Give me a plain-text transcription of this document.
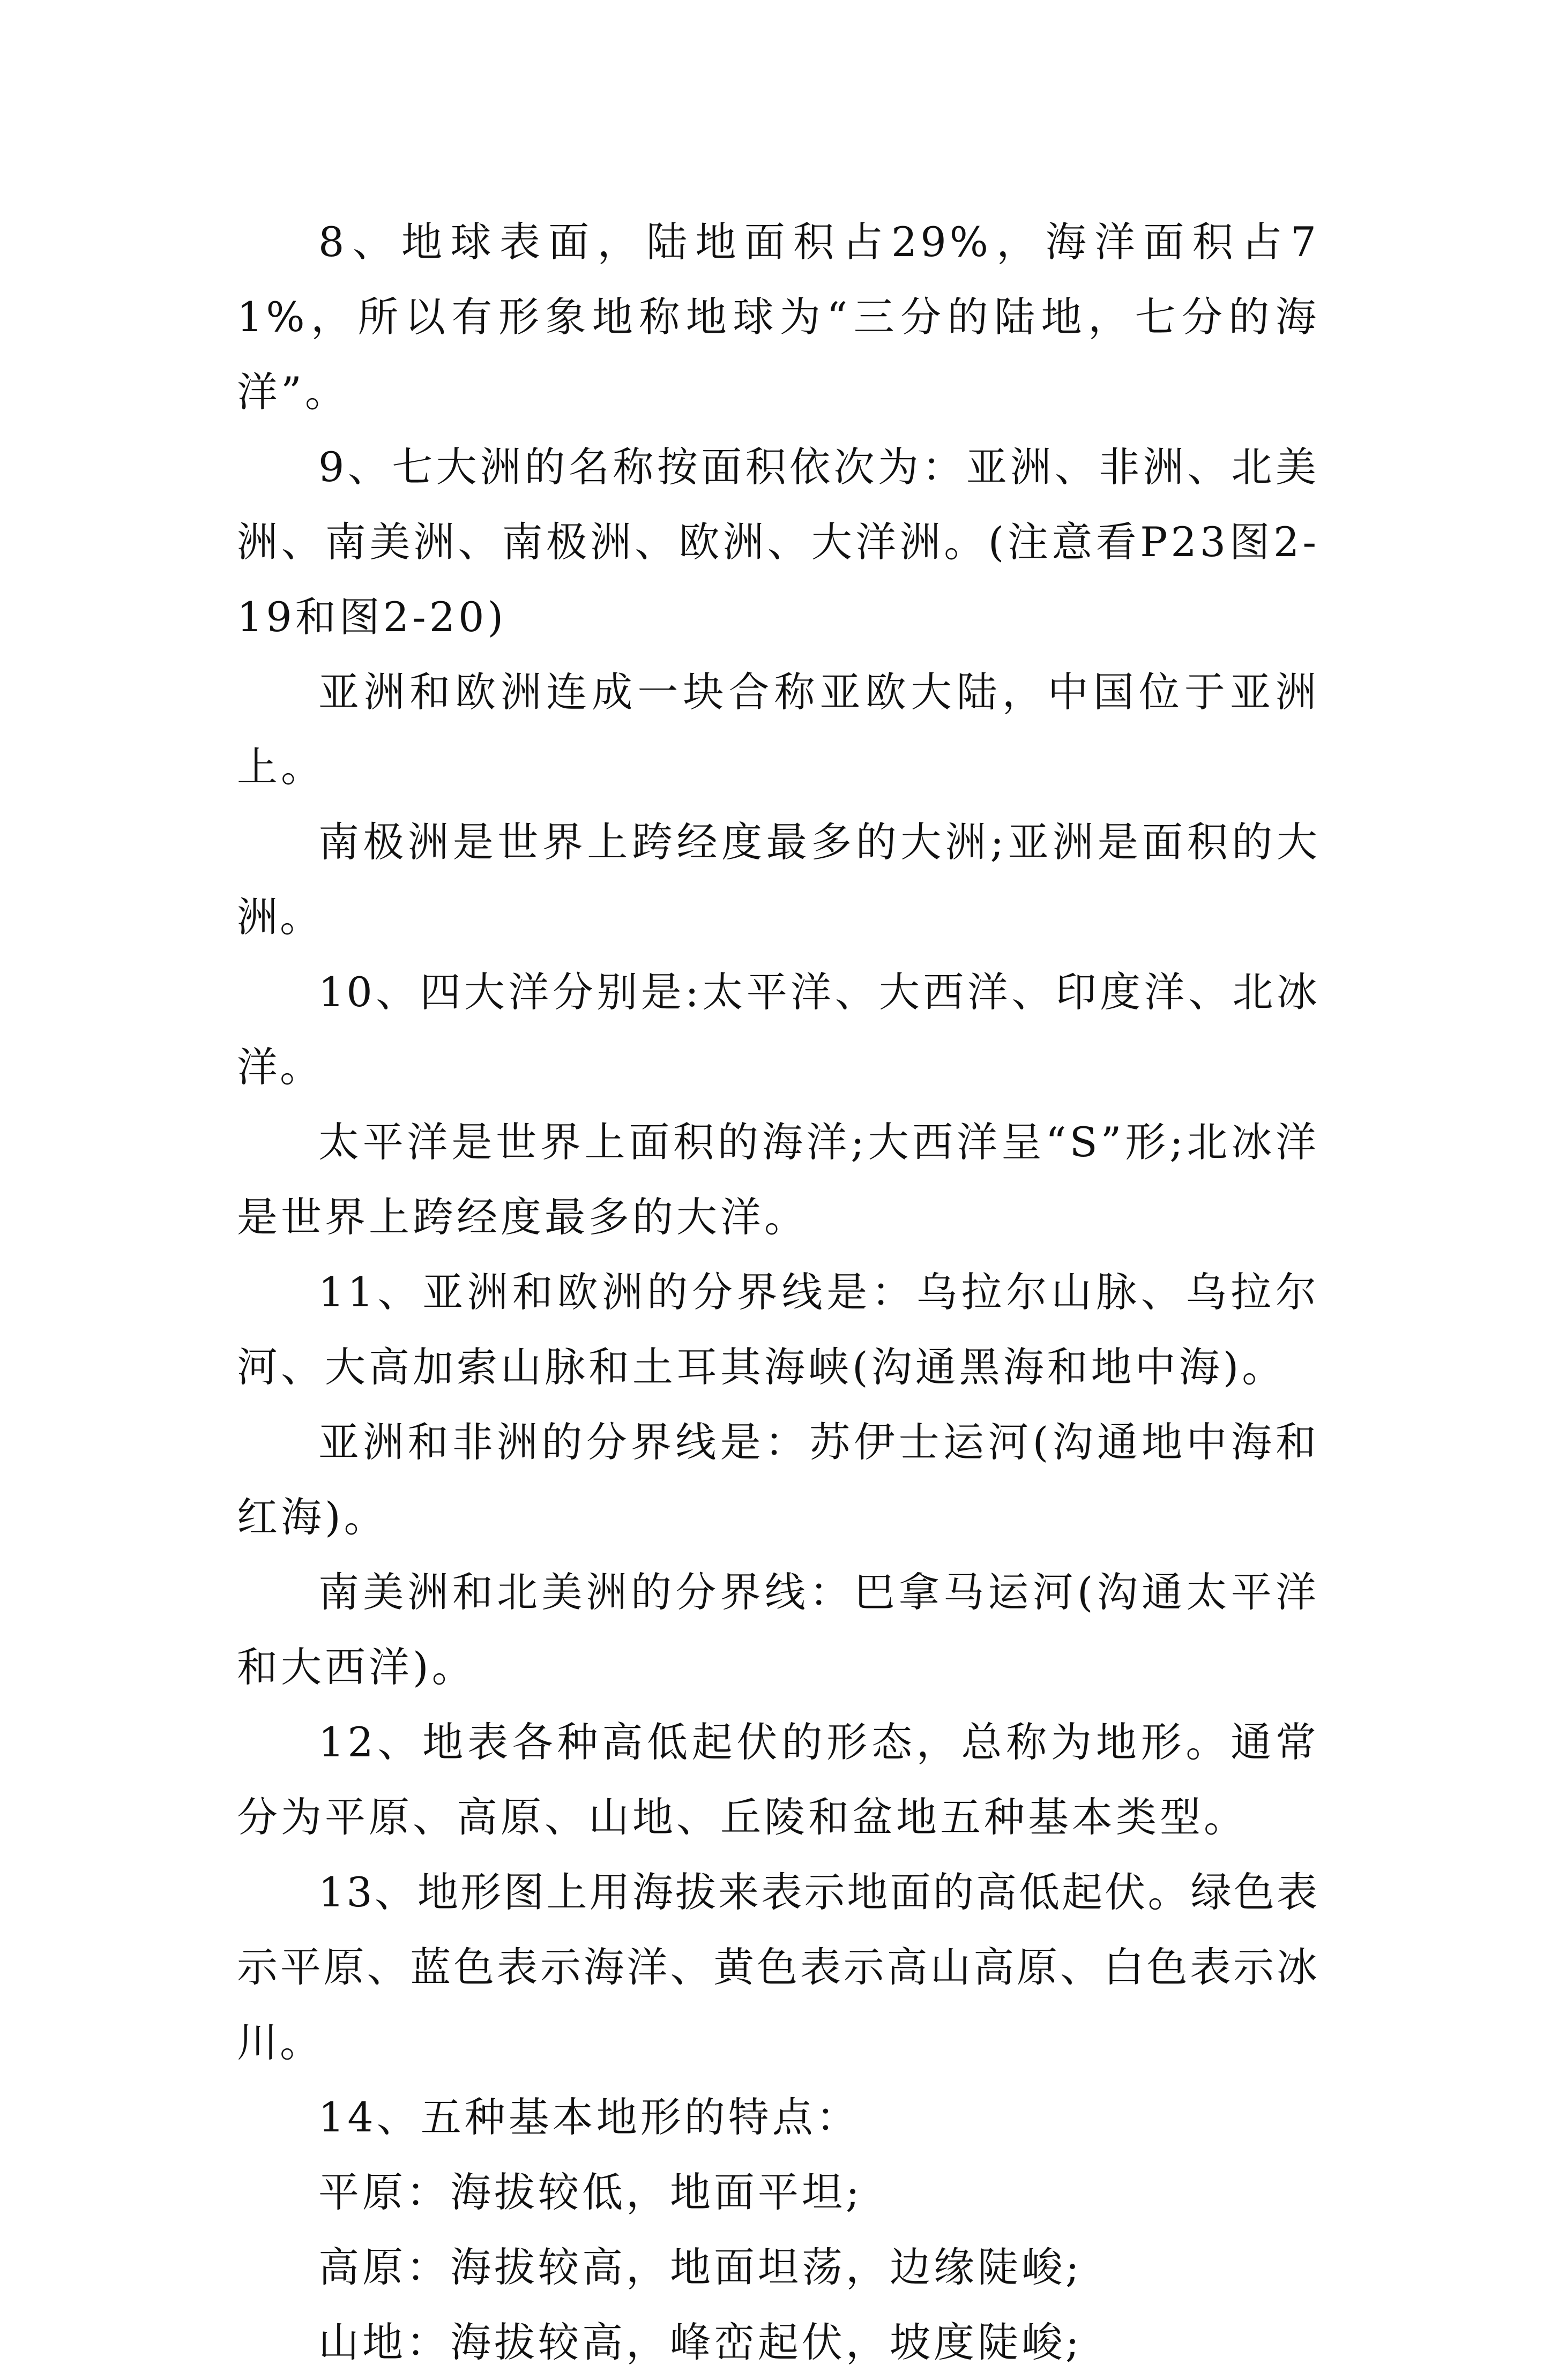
8、地球表面，陆地面积占29%，海洋面积占71%，所以有形象地称地球为“三分的陆地，七分的海洋”。

9、七大洲的名称按面积依次为：亚洲、非洲、北美洲、南美洲、南极洲、欧洲、大洋洲。(注意看P23图2-19和图2-20)

亚洲和欧洲连成一块合称亚欧大陆，中国位于亚洲上。

南极洲是世界上跨经度最多的大洲;亚洲是面积的大洲。

10、四大洋分别是:太平洋、大西洋、印度洋、北冰洋。

太平洋是世界上面积的海洋;大西洋呈“S”形;北冰洋是世界上跨经度最多的大洋。

11、亚洲和欧洲的分界线是：乌拉尔山脉、乌拉尔河、大高加索山脉和土耳其海峡(沟通黑海和地中海)。

亚洲和非洲的分界线是：苏伊士运河(沟通地中海和红海)。

南美洲和北美洲的分界线：巴拿马运河(沟通太平洋和大西洋)。

12、地表各种高低起伏的形态，总称为地形。通常分为平原、高原、山地、丘陵和盆地五种基本类型。

13、地形图上用海拔来表示地面的高低起伏。绿色表示平原、蓝色表示海洋、黄色表示高山高原、白色表示冰川。

14、五种基本地形的特点：

平原：海拔较低，地面平坦;

高原：海拔较高，地面坦荡，边缘陡峻;

山地：海拔较高，峰峦起伏，坡度陡峻;
